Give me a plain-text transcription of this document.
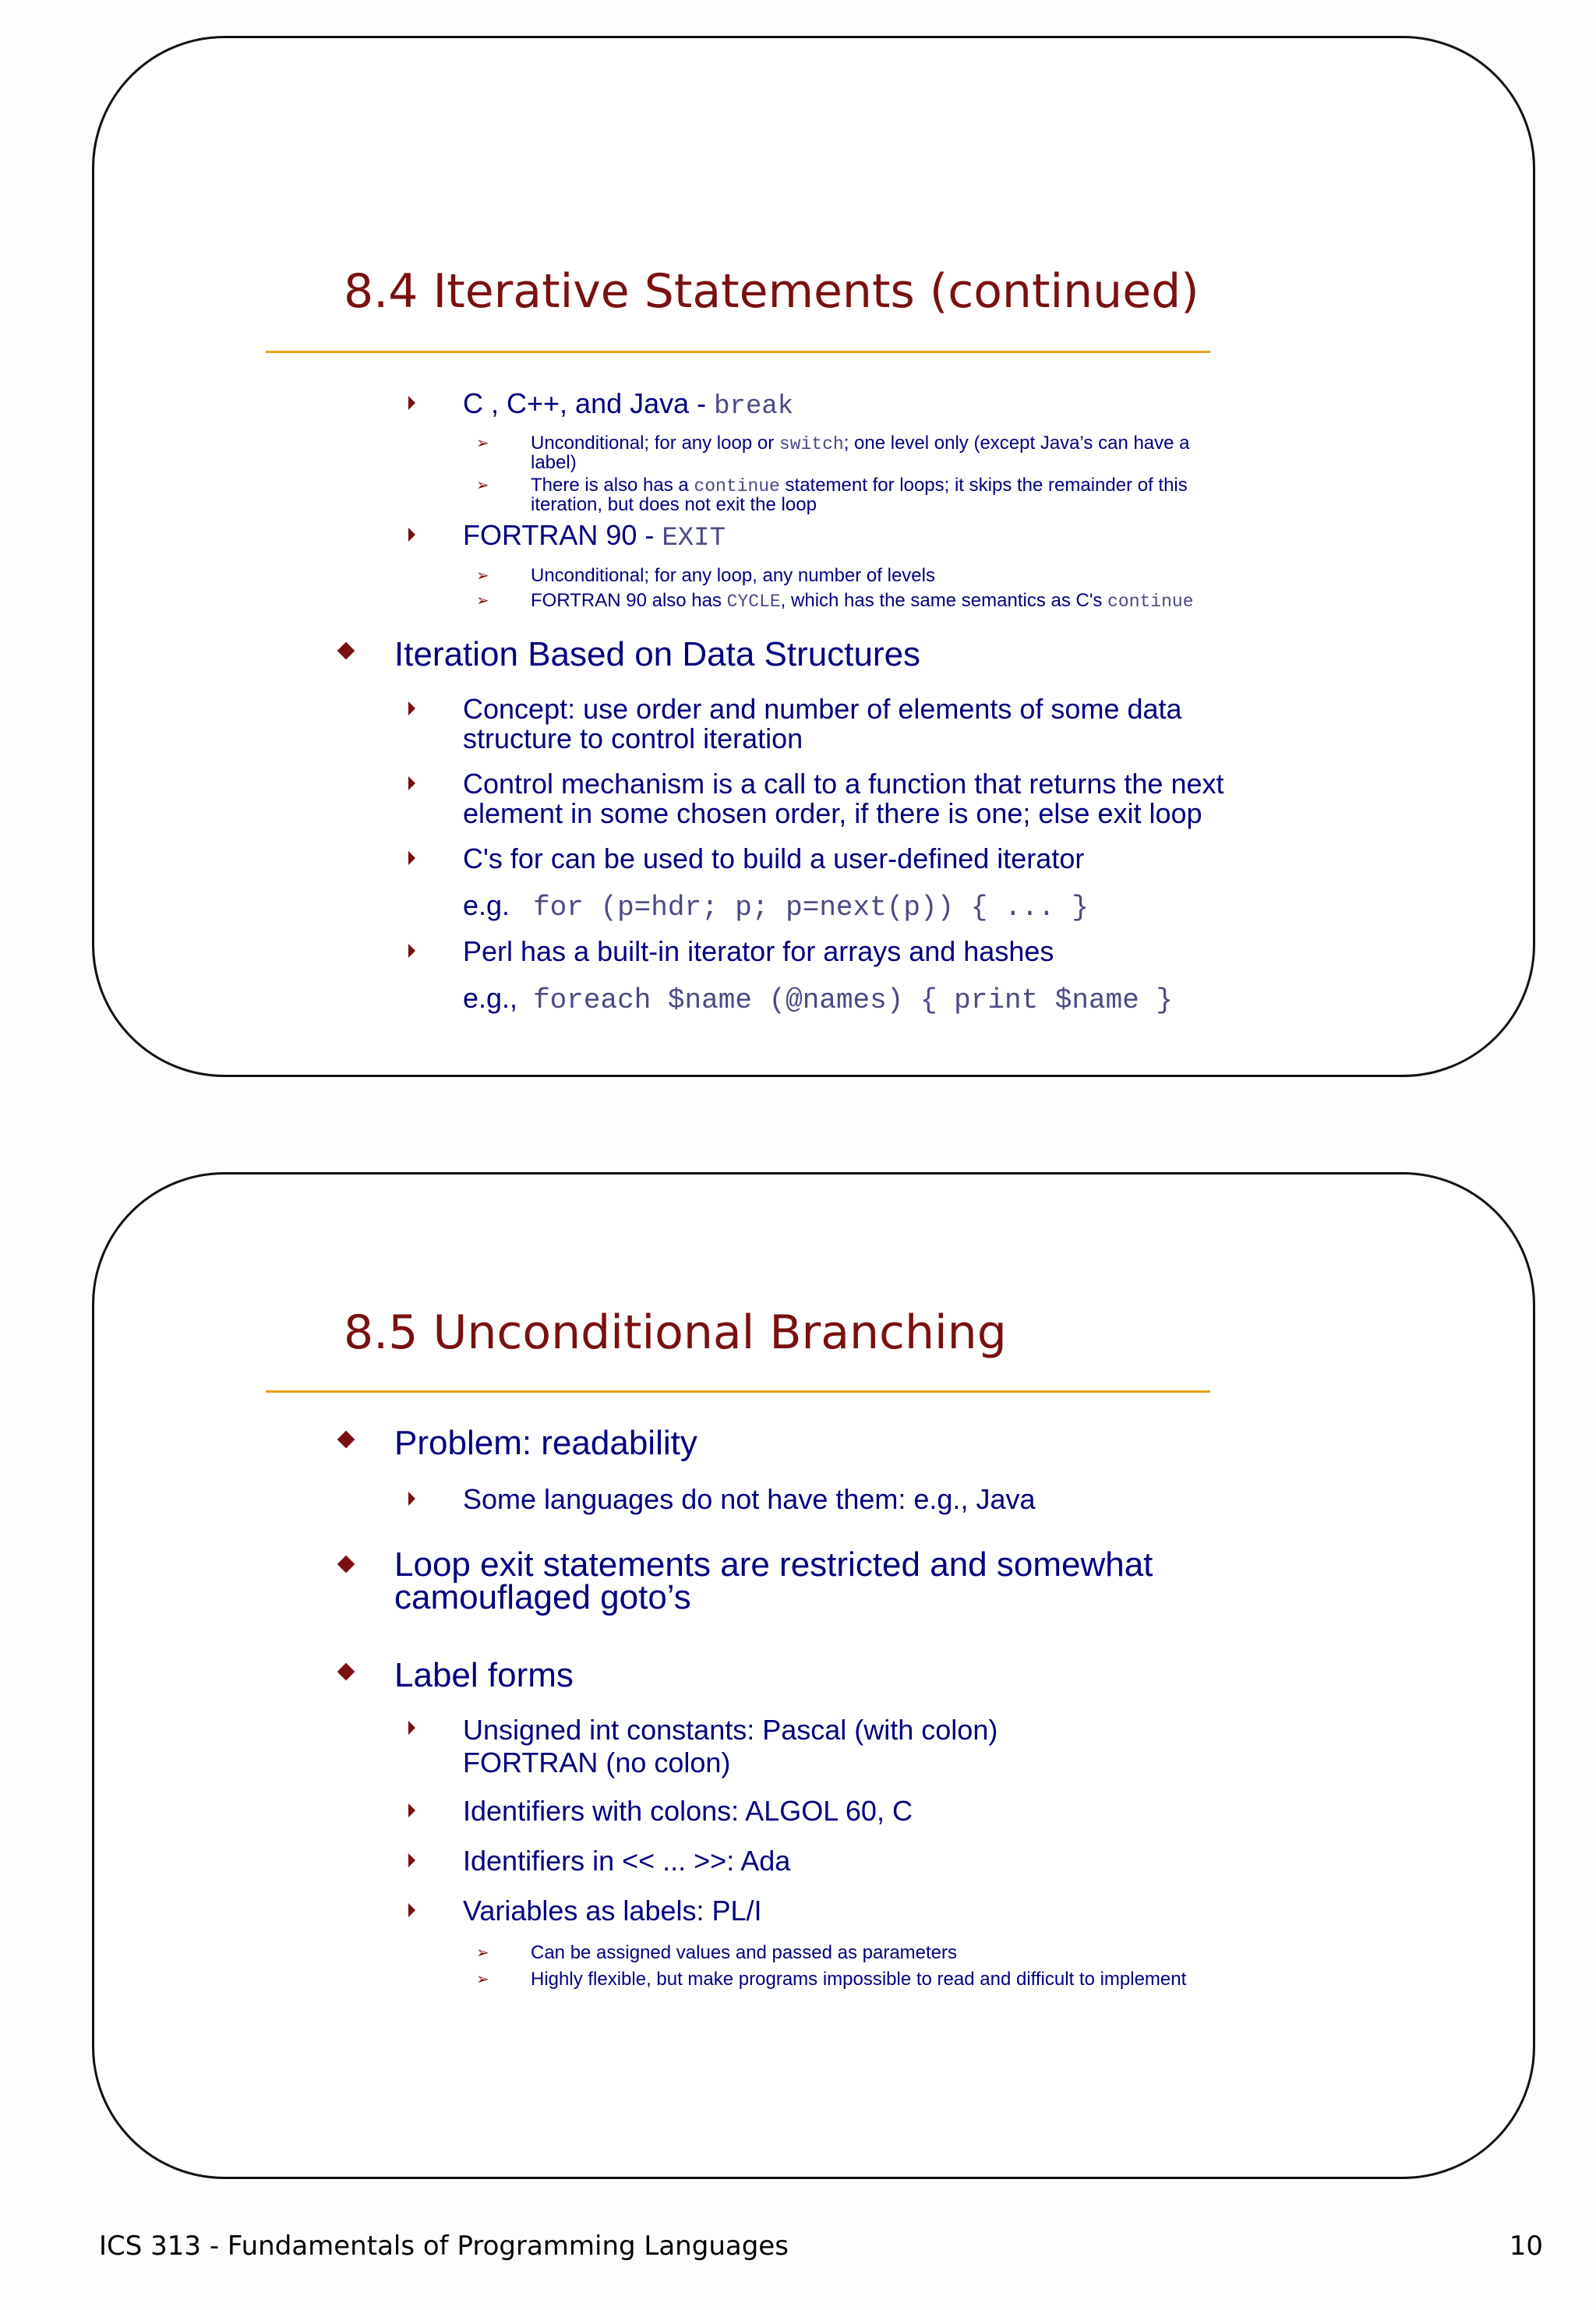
8.4 Iterative Statements (continued)
C , C++, and Java - break
➢ Unconditional; for any loop or switch; one level only (except Java’s can have a
label)
➢ There is also has a continue statement for loops; it skips the remainder of this
iteration, but does not exit the loop
FORTRAN 90 - EXIT
➢ Unconditional; for any loop, any number of levels
➢ FORTRAN 90 also has CYCLE, which has the same semantics as C's continue
Iteration Based on Data Structures
Concept: use order and number of elements of some data
structure to control iteration
Control mechanism is a call to a function that returns the next
element in some chosen order, if there is one; else exit loop
C's for can be used to build a user-defined iterator
e.g. for (p=hdr; p; p=next(p)) { ... }
Perl has a built-in iterator for arrays and hashes
e.g., foreach $name (@names) { print $name }
8.5 Unconditional Branching
Problem: readability
Some languages do not have them: e.g., Java
Loop exit statements are restricted and somewhat
camouflaged goto’s
Label forms
Unsigned int constants: Pascal (with colon)
FORTRAN (no colon)
Identifiers with colons: ALGOL 60, C
Identifiers in << ... >>: Ada
Variables as labels: PL/I
➢ Can be assigned values and passed as parameters
➢ Highly flexible, but make programs impossible to read and difficult to implement
ICS 313 - Fundamentals of Programming Languages	10
